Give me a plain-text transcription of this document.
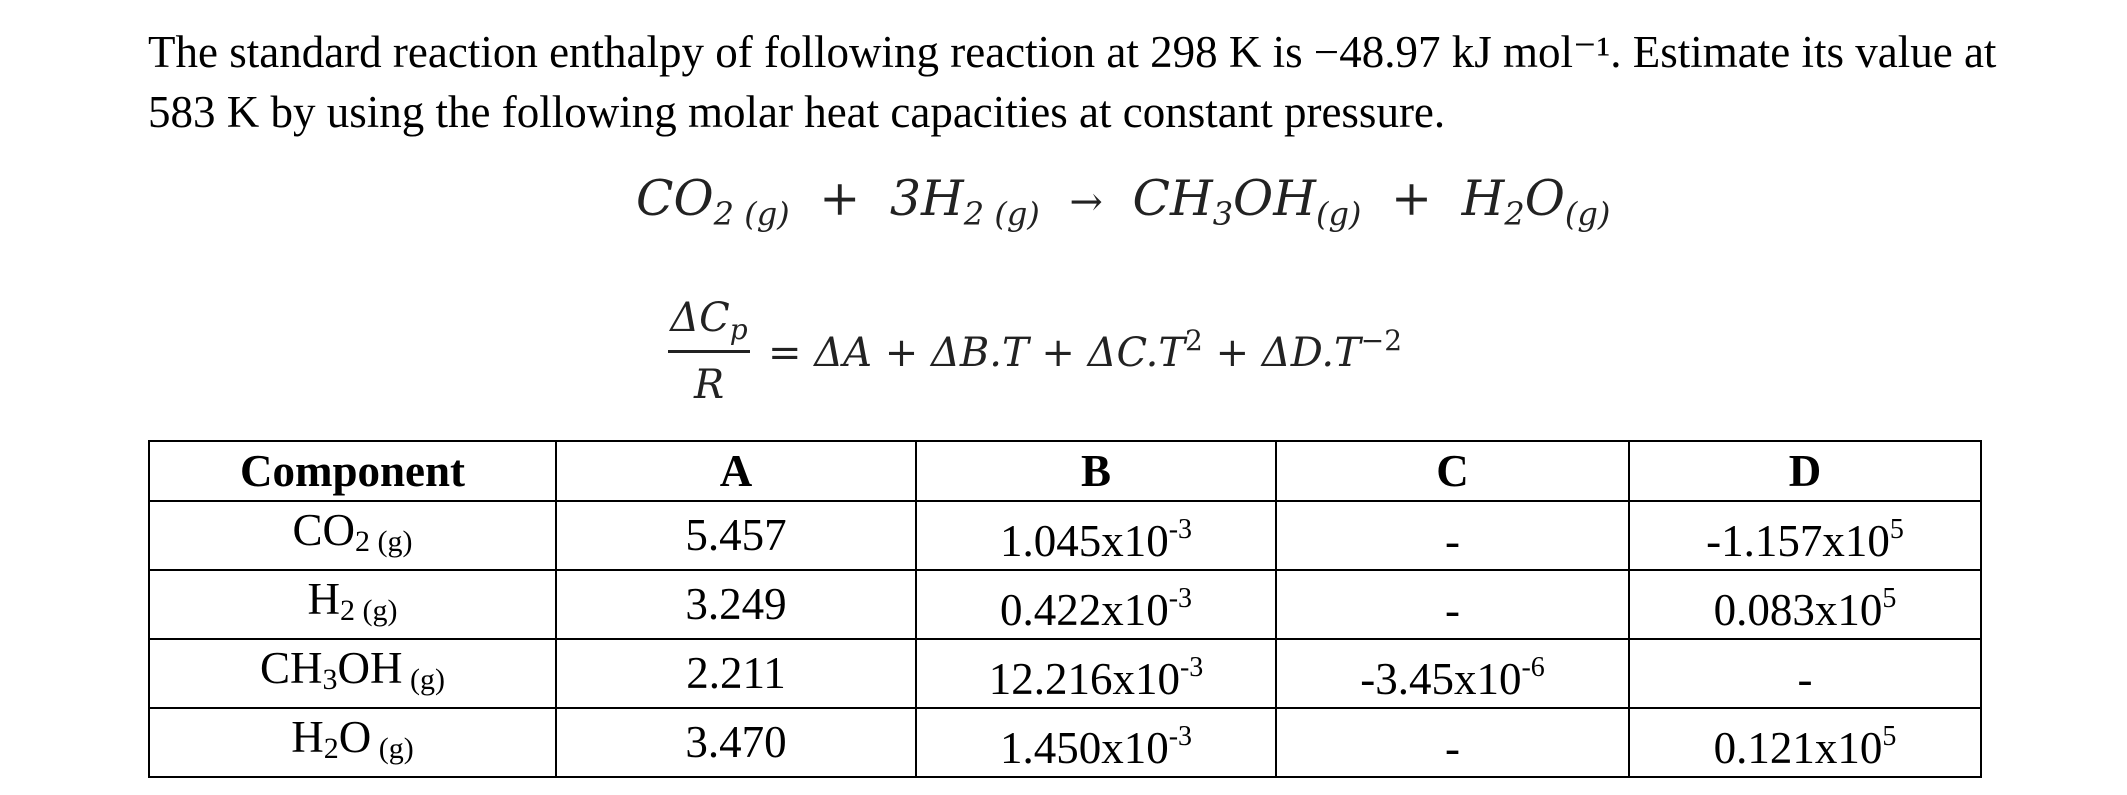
The standard reaction enthalpy of following reaction at 298 K is −48.97 kJ mol⁻¹. Estimate its value at 583 K by using the following molar heat capacities at constant pressure.

$CO_{2 (g)} + 3H_{2 (g)} \to CH_3OH_{(g)} + H_2O_{(g)}$
$\Delta C_p$
R
= $\Delta A + \Delta B.T + \Delta C.T^2 + \Delta D.T^{-2}$
Component	A	B	C	D
$CO_2$ $_{(g)}$	5.457	$1.045x10^{-3}$	-	$-1.157x10^5$
$H_2$ $_{(g)}$	3.249	$0.422x10^{-3}$	-	$0.083x10^5$
$CH_3OH$ $_{(g)}$	2.211	$12.216x10^{-3}$	$-3.45x10^{-6}$	-
$H_2O$ $_{(g)}$	3.470	$1.450x10^{-3}$	-	$0.121x10^5$
